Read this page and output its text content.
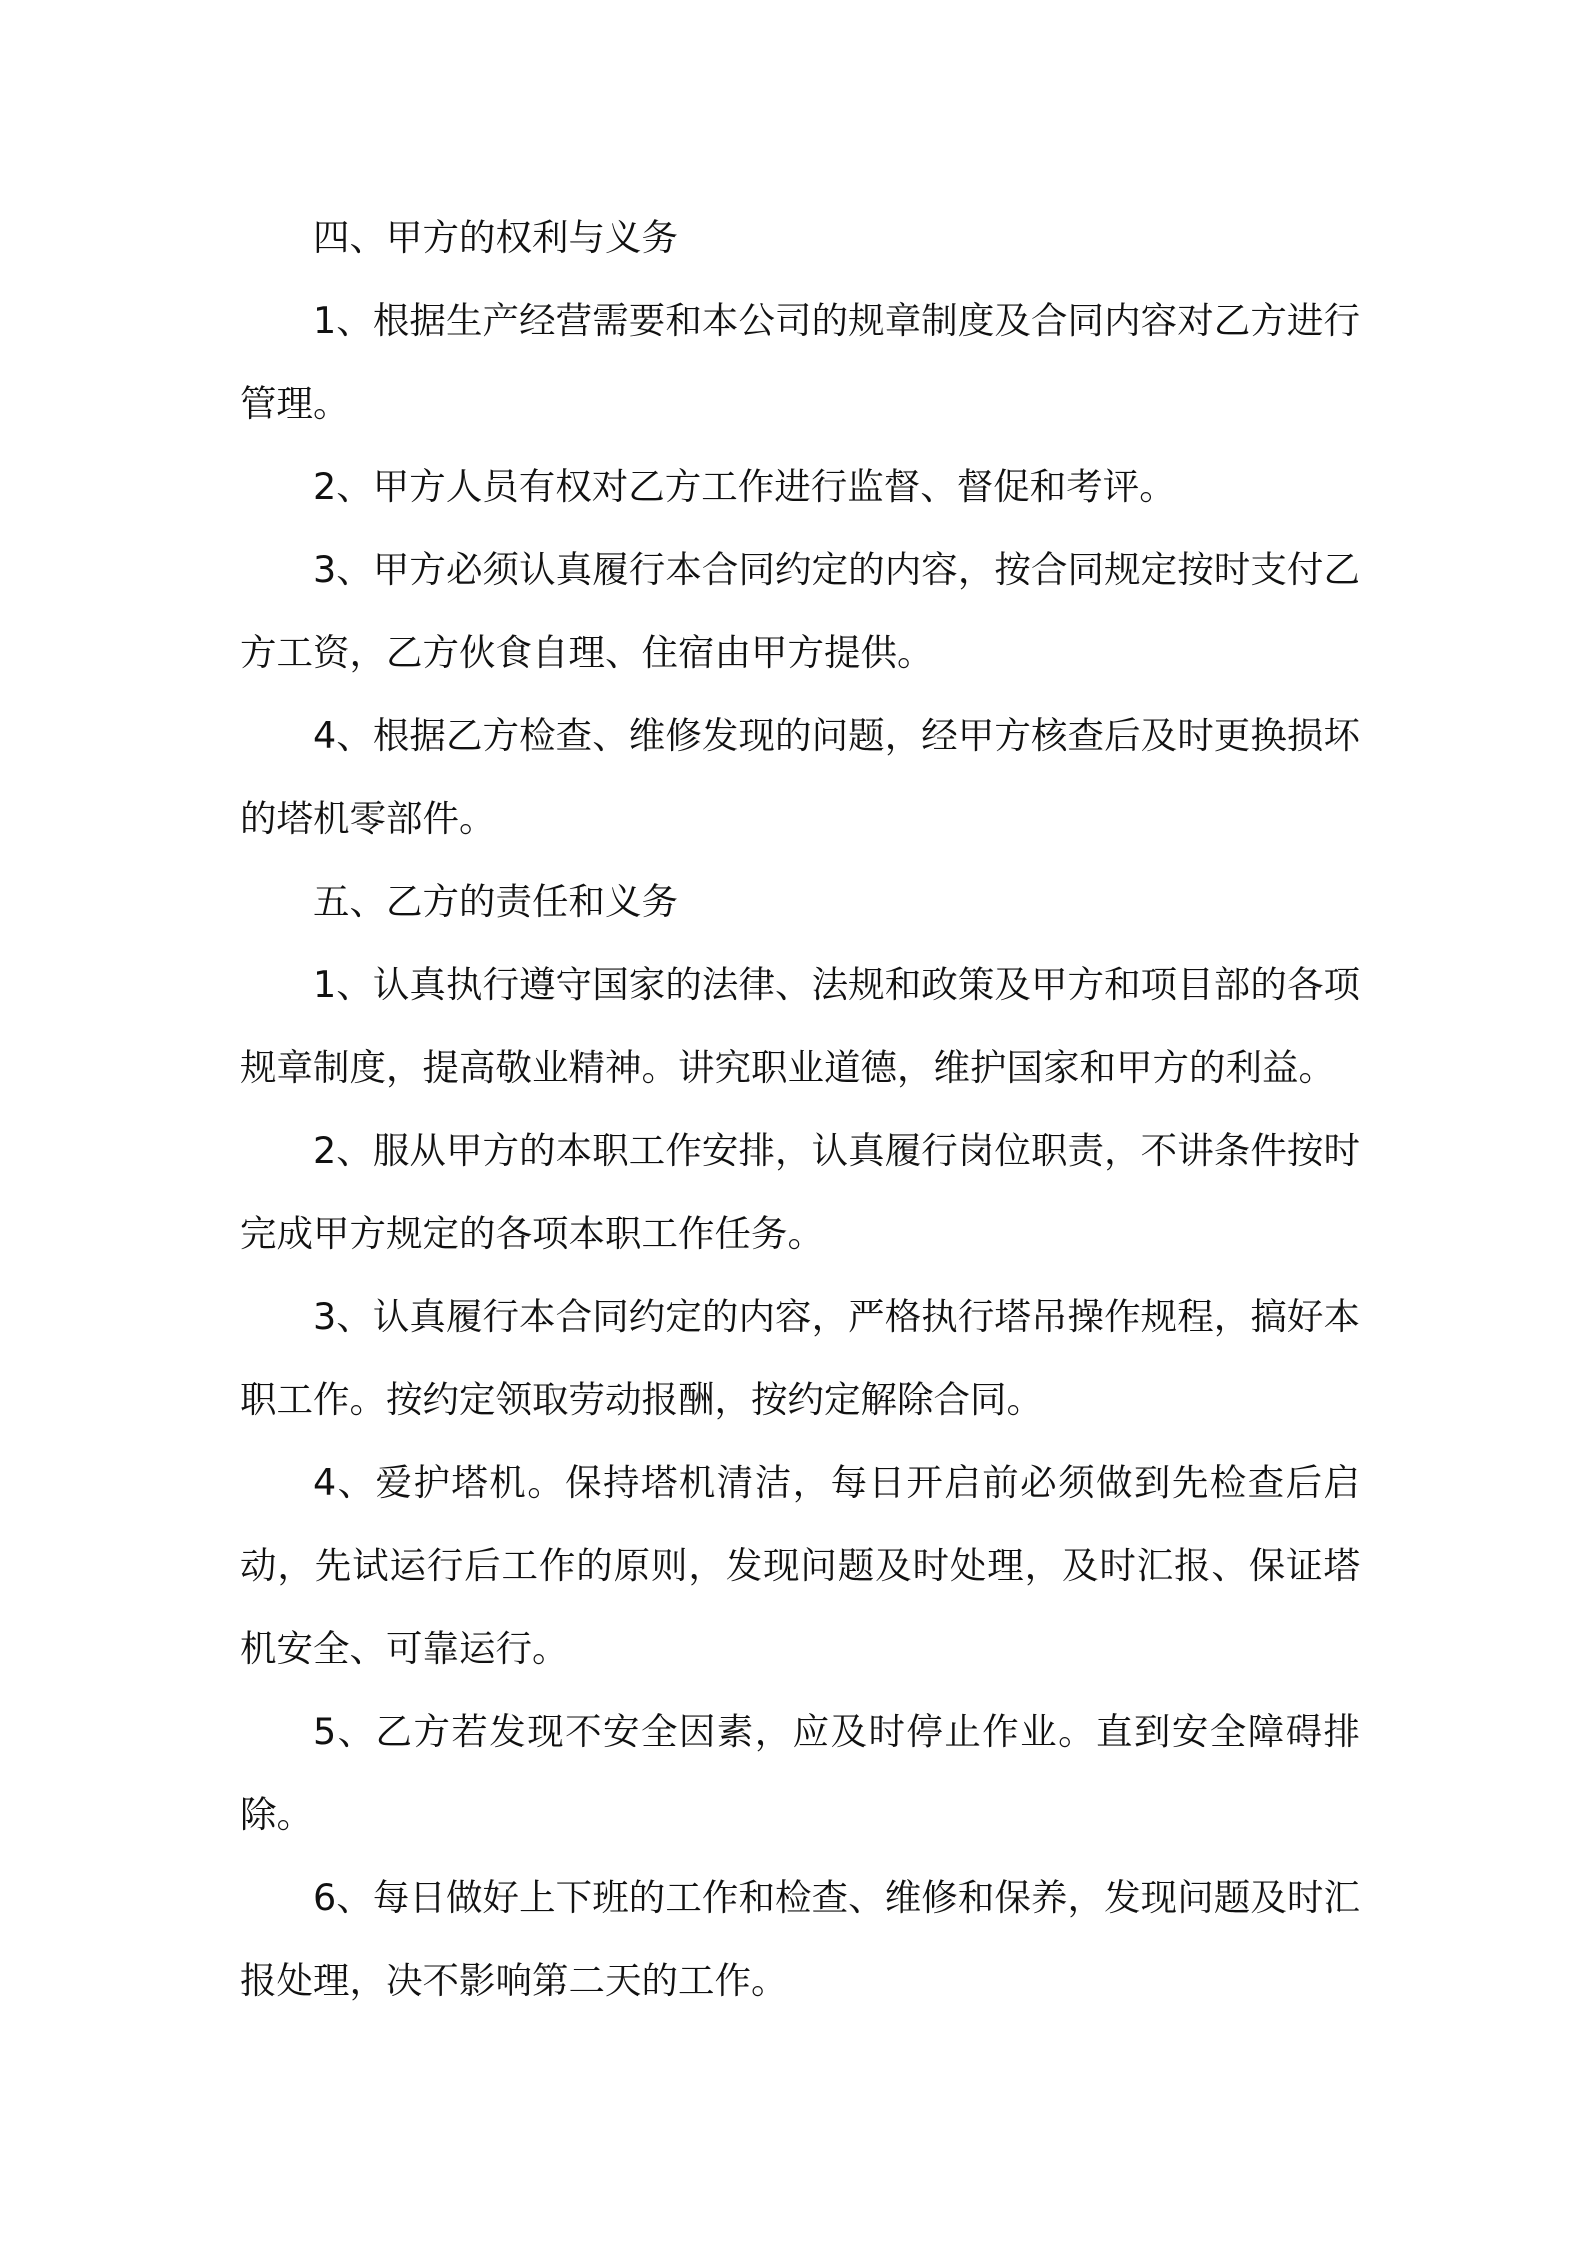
四、甲方的权利与义务

1、根据生产经营需要和本公司的规章制度及合同内容对乙方进行管理。

2、甲方人员有权对乙方工作进行监督、督促和考评。

3、甲方必须认真履行本合同约定的内容，按合同规定按时支付乙方工资，乙方伙食自理、住宿由甲方提供。

4、根据乙方检查、维修发现的问题，经甲方核查后及时更换损坏的塔机零部件。

五、乙方的责任和义务

1、认真执行遵守国家的法律、法规和政策及甲方和项目部的各项规章制度，提高敬业精神。讲究职业道德，维护国家和甲方的利益。

2、服从甲方的本职工作安排，认真履行岗位职责，不讲条件按时完成甲方规定的各项本职工作任务。

3、认真履行本合同约定的内容，严格执行塔吊操作规程，搞好本职工作。按约定领取劳动报酬，按约定解除合同。

4、爱护塔机。保持塔机清洁，每日开启前必须做到先检查后启动，先试运行后工作的原则，发现问题及时处理，及时汇报、保证塔机安全、可靠运行。

5、乙方若发现不安全因素，应及时停止作业。直到安全障碍排除。

6、每日做好上下班的工作和检查、维修和保养，发现问题及时汇报处理，决不影响第二天的工作。
